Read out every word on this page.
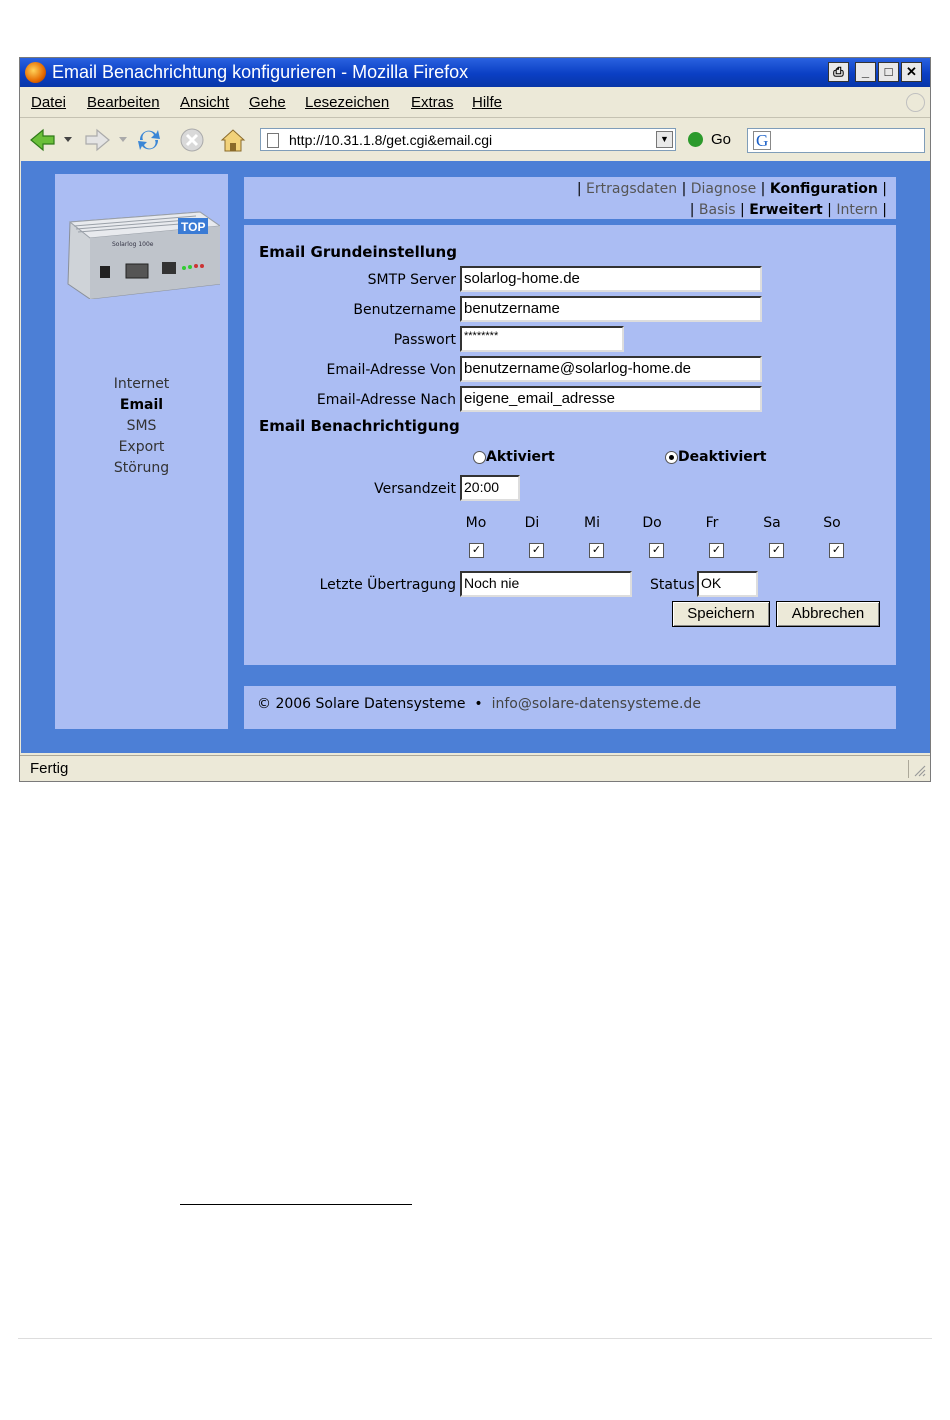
Email Benachrichtung konfigurieren - Mozilla Firefox	⎙	_	□	✕
Datei Bearbeiten Ansicht Gehe Lesezeichen Extras Hilfe
http://10.31.1.8/get.cgi&email.cgi	▼	Go G
TOP
Solarlog 100e
Internet
Email
SMS
Export
Störung
| Ertragsdaten | Diagnose | Konfiguration |
| Basis | Erweitert | Intern |
Email Grundeinstellung
SMTP Server solarlog-home.de
Benutzername benutzername
Passwort ********
Email-Adresse Von benutzername@solarlog-home.de
Email-Adresse Nach eigene_email_adresse
Email Benachrichtigung
Aktiviert	Deaktiviert
Versandzeit 20:00
Mo	Di	Mi	Do	Fr	Sa	So
✓	✓	✓	✓	✓	✓	✓
Letzte Übertragung Noch nie	Status OK
Speichern	Abbrechen
© 2006 Solare Datensysteme  •  info@solare-datensysteme.de
Fertig
